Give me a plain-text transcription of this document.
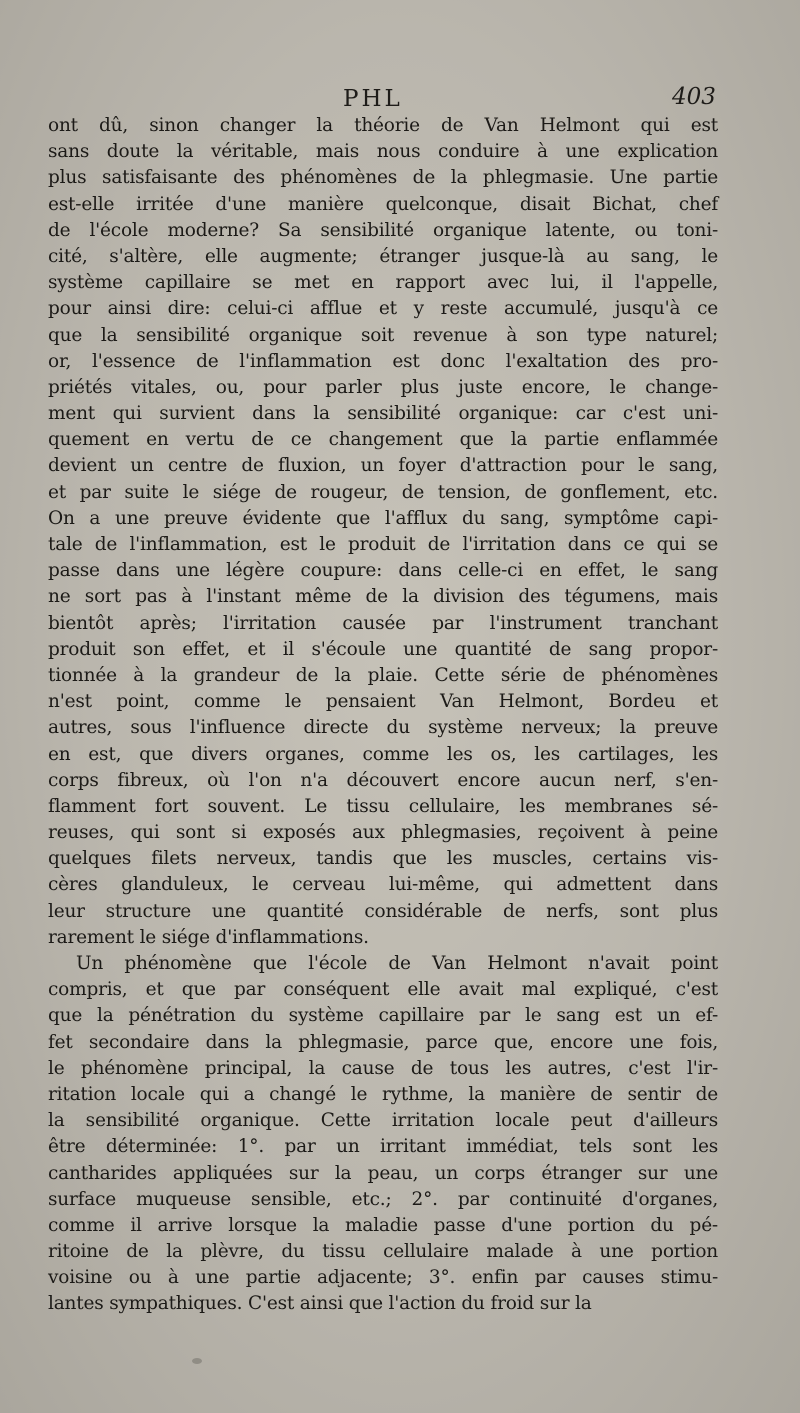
PHL	403
ont dû, sinon changer la théorie de Van Helmont qui est
sans doute la véritable, mais nous conduire à une explication
plus satisfaisante des phénomènes de la phlegmasie. Une partie
est-elle irritée d'une manière quelconque, disait Bichat, chef
de l'école moderne? Sa sensibilité organique latente, ou toni-
cité, s'altère, elle augmente; étranger jusque-là au sang, le
système capillaire se met en rapport avec lui, il l'appelle,
pour ainsi dire: celui-ci afflue et y reste accumulé, jusqu'à ce
que la sensibilité organique soit revenue à son type naturel;
or, l'essence de l'inflammation est donc l'exaltation des pro-
priétés vitales, ou, pour parler plus juste encore, le change-
ment qui survient dans la sensibilité organique: car c'est uni-
quement en vertu de ce changement que la partie enflammée
devient un centre de fluxion, un foyer d'attraction pour le sang,
et par suite le siége de rougeur, de tension, de gonflement, etc.
On a une preuve évidente que l'afflux du sang, symptôme capi-
tale de l'inflammation, est le produit de l'irritation dans ce qui se
passe dans une légère coupure: dans celle-ci en effet, le sang
ne sort pas à l'instant même de la division des tégumens, mais
bientôt après; l'irritation causée par l'instrument tranchant
produit son effet, et il s'écoule une quantité de sang propor-
tionnée à la grandeur de la plaie. Cette série de phénomènes
n'est point, comme le pensaient Van Helmont, Bordeu et
autres, sous l'influence directe du système nerveux; la preuve
en est, que divers organes, comme les os, les cartilages, les
corps fibreux, où l'on n'a découvert encore aucun nerf, s'en-
flamment fort souvent. Le tissu cellulaire, les membranes sé-
reuses, qui sont si exposés aux phlegmasies, reçoivent à peine
quelques filets nerveux, tandis que les muscles, certains vis-
cères glanduleux, le cerveau lui-même, qui admettent dans
leur structure une quantité considérable de nerfs, sont plus
rarement le siége d'inflammations.
Un phénomène que l'école de Van Helmont n'avait point
compris, et que par conséquent elle avait mal expliqué, c'est
que la pénétration du système capillaire par le sang est un ef-
fet secondaire dans la phlegmasie, parce que, encore une fois,
le phénomène principal, la cause de tous les autres, c'est l'ir-
ritation locale qui a changé le rythme, la manière de sentir de
la sensibilité organique. Cette irritation locale peut d'ailleurs
être déterminée: 1°. par un irritant immédiat, tels sont les
cantharides appliquées sur la peau, un corps étranger sur une
surface muqueuse sensible, etc.; 2°. par continuité d'organes,
comme il arrive lorsque la maladie passe d'une portion du pé-
ritoine de la plèvre, du tissu cellulaire malade à une portion
voisine ou à une partie adjacente; 3°. enfin par causes stimu-
lantes sympathiques. C'est ainsi que l'action du froid sur la
